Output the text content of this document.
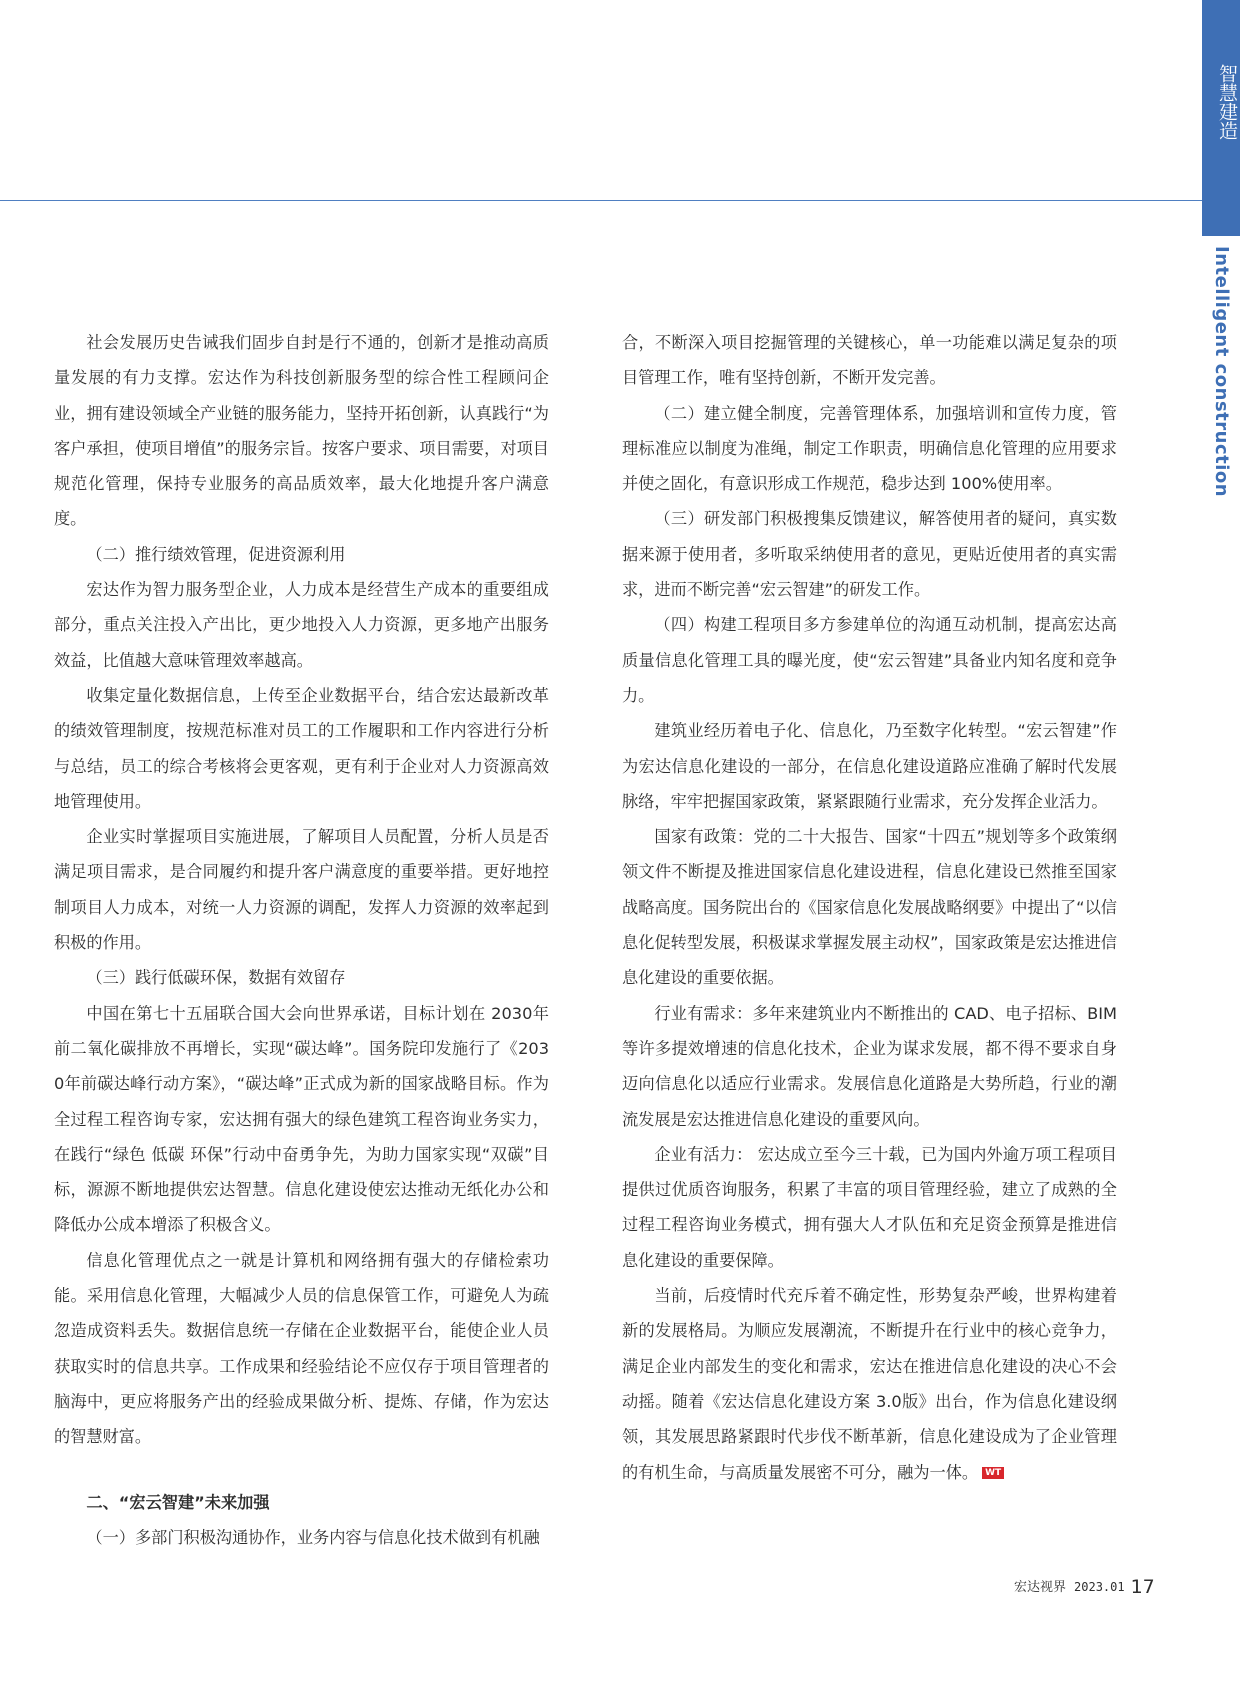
智慧建造
Intelligent construction

社会发展历史告诫我们固步自封是行不通的，创新才是推动高质量发展的有力支撑。宏达作为科技创新服务型的综合性工程顾问企业，拥有建设领域全产业链的服务能力，坚持开拓创新，认真践行“为客户承担，使项目增值”的服务宗旨。按客户要求、项目需要，对项目规范化管理，保持专业服务的高品质效率，最大化地提升客户满意度。

（二）推行绩效管理，促进资源利用

宏达作为智力服务型企业，人力成本是经营生产成本的重要组成部分，重点关注投入产出比，更少地投入人力资源，更多地产出服务效益，比值越大意味管理效率越高。

收集定量化数据信息，上传至企业数据平台，结合宏达最新改革的绩效管理制度，按规范标准对员工的工作履职和工作内容进行分析与总结，员工的综合考核将会更客观，更有利于企业对人力资源高效地管理使用。

企业实时掌握项目实施进展，了解项目人员配置，分析人员是否满足项目需求，是合同履约和提升客户满意度的重要举措。更好地控制项目人力成本，对统一人力资源的调配，发挥人力资源的效率起到积极的作用。

（三）践行低碳环保，数据有效留存

中国在第七十五届联合国大会向世界承诺，目标计划在 2030年前二氧化碳排放不再增长，实现“碳达峰”。国务院印发施行了《2030年前碳达峰行动方案》，“碳达峰”正式成为新的国家战略目标。作为全过程工程咨询专家，宏达拥有强大的绿色建筑工程咨询业务实力，在践行“绿色 低碳 环保”行动中奋勇争先，为助力国家实现“双碳”目标，源源不断地提供宏达智慧。信息化建设使宏达推动无纸化办公和降低办公成本增添了积极含义。

信息化管理优点之一就是计算机和网络拥有强大的存储检索功能。采用信息化管理，大幅减少人员的信息保管工作，可避免人为疏忽造成资料丢失。数据信息统一存储在企业数据平台，能使企业人员获取实时的信息共享。工作成果和经验结论不应仅存于项目管理者的脑海中，更应将服务产出的经验成果做分析、提炼、存储，作为宏达的智慧财富。

二、“宏云智建”未来加强

（一）多部门积极沟通协作，业务内容与信息化技术做到有机融

合，不断深入项目挖掘管理的关键核心，单一功能难以满足复杂的项目管理工作，唯有坚持创新，不断开发完善。

（二）建立健全制度，完善管理体系，加强培训和宣传力度，管理标准应以制度为准绳，制定工作职责，明确信息化管理的应用要求并使之固化，有意识形成工作规范，稳步达到 100%使用率。

（三）研发部门积极搜集反馈建议，解答使用者的疑问，真实数据来源于使用者，多听取采纳使用者的意见，更贴近使用者的真实需求，进而不断完善“宏云智建”的研发工作。

（四）构建工程项目多方参建单位的沟通互动机制，提高宏达高质量信息化管理工具的曝光度，使“宏云智建”具备业内知名度和竞争力。

建筑业经历着电子化、信息化，乃至数字化转型。“宏云智建”作为宏达信息化建设的一部分，在信息化建设道路应准确了解时代发展脉络，牢牢把握国家政策，紧紧跟随行业需求，充分发挥企业活力。

国家有政策：党的二十大报告、国家“十四五”规划等多个政策纲领文件不断提及推进国家信息化建设进程，信息化建设已然推至国家战略高度。国务院出台的《国家信息化发展战略纲要》中提出了“以信息化促转型发展，积极谋求掌握发展主动权”，国家政策是宏达推进信息化建设的重要依据。

行业有需求：多年来建筑业内不断推出的 CAD、电子招标、BIM等许多提效增速的信息化技术，企业为谋求发展，都不得不要求自身迈向信息化以适应行业需求。发展信息化道路是大势所趋，行业的潮流发展是宏达推进信息化建设的重要风向。

企业有活力： 宏达成立至今三十载，已为国内外逾万项工程项目提供过优质咨询服务，积累了丰富的项目管理经验，建立了成熟的全过程工程咨询业务模式，拥有强大人才队伍和充足资金预算是推进信息化建设的重要保障。

当前，后疫情时代充斥着不确定性，形势复杂严峻，世界构建着新的发展格局。为顺应发展潮流，不断提升在行业中的核心竞争力，满足企业内部发生的变化和需求，宏达在推进信息化建设的决心不会动摇。随着《宏达信息化建设方案 3.0版》出台，作为信息化建设纲领，其发展思路紧跟时代步伐不断革新，信息化建设成为了企业管理的有机生命，与高质量发展密不可分，融为一体。 WT

宏达视界 2023.01 17
